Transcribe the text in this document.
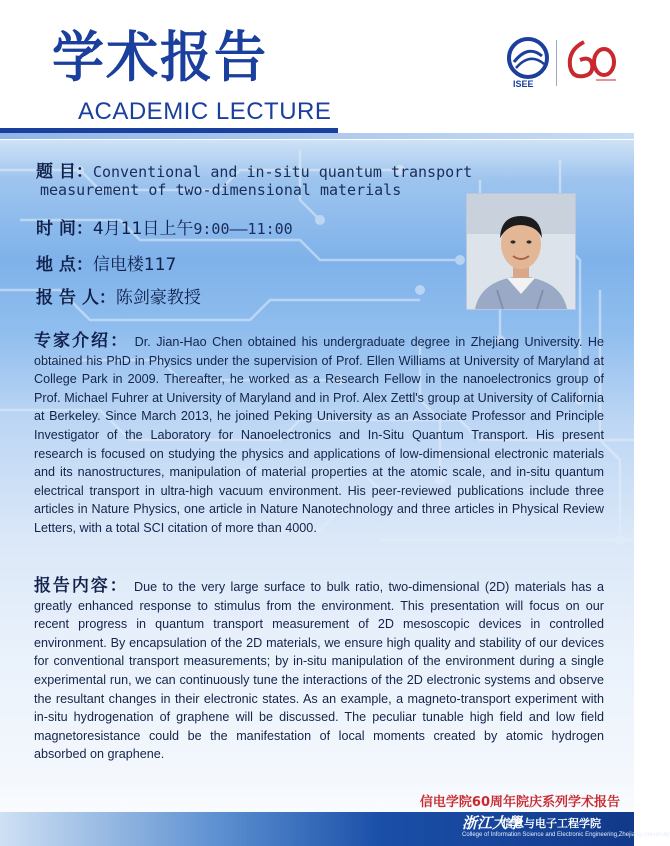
学术报告
ACADEMIC LECTURE
ISEE
题 目：Conventional and in-situ quantum transport
measurement of two-dimensional materials
时 间：4月11日上午9:00——11:00
地 点：信电楼117
报 告 人：陈剑豪教授
专家介绍： Dr. Jian-Hao Chen obtained his undergraduate degree in Zhejiang University. He obtained his PhD in Physics under the supervision of Prof. Ellen Williams at University of Maryland at College Park in 2009. Thereafter, he worked as a Research Fellow in the nanoelectronics group of Prof. Michael Fuhrer at University of Maryland and in Prof. Alex Zettl's group at University of California at Berkeley. Since March 2013, he joined Peking University as an Associate Professor and Principle Investigator of the Laboratory for Nanoelectronics and In-Situ Quantum Transport. His present research is focused on studying the physics and applications of low-dimensional electronic materials and its nanostructures, manipulation of material properties at the atomic scale, and in-situ quantum electrical transport in ultra-high vacuum environment. His peer-reviewed publications include three articles in Nature Physics, one article in Nature Nanotechnology and three articles in Physical Review Letters, with a total SCI citation of more than 4000.
报告内容： Due to the very large surface to bulk ratio, two-dimensional (2D) materials has a greatly enhanced response to stimulus from the environment. This presentation will focus on our recent progress in quantum transport measurement of 2D mesoscopic devices in controlled environment. By encapsulation of the 2D materials, we ensure high quality and stability of our devices for conventional transport measurements; by in-situ manipulation of the environment during a single experimental run, we can continuously tune the interactions of the 2D electronic systems and observe the resultant changes in their electronic states. As an example, a magneto-transport experiment with in-situ hydrogenation of graphene will be discussed. The peculiar tunable high field and low field magnetoresistance could be the manifestation of local moments created by atomic hydrogen absorbed on graphene.
信电学院60周年院庆系列学术报告
浙江大學
信息与电子工程学院
College of Information Science and Electronic Engineering,Zhejiang University
